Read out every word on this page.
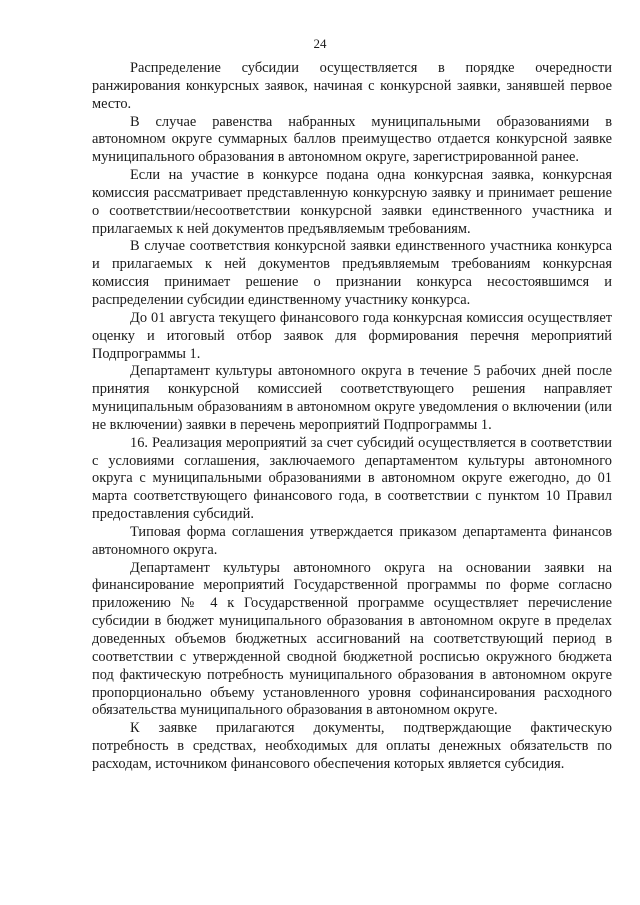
24

Распределение субсидии осуществляется в порядке очередности ранжирования конкурсных заявок, начиная с конкурсной заявки, занявшей первое место.

В случае равенства набранных муниципальными образованиями в автономном округе суммарных баллов преимущество отдается конкурсной заявке муниципального образования в автономном округе, зарегистрированной ранее.

Если на участие в конкурсе подана одна конкурсная заявка, конкурсная комиссия рассматривает представленную конкурсную заявку и принимает решение о соответствии/несоответствии конкурсной заявки единственного участника и прилагаемых к ней документов предъявляемым требованиям.

В случае соответствия конкурсной заявки единственного участника конкурса и прилагаемых к ней документов предъявляемым требованиям конкурсная комиссия принимает решение о признании конкурса несостоявшимся и распределении субсидии единственному участнику конкурса.

До 01 августа текущего финансового года конкурсная комиссия осуществляет оценку и итоговый отбор заявок для формирования перечня мероприятий Подпрограммы 1.

Департамент культуры автономного округа в течение 5 рабочих дней после принятия конкурсной комиссией соответствующего решения направляет муниципальным образованиям в автономном округе уведомления о включении (или не включении) заявки в перечень мероприятий Подпрограммы 1.

16. Реализация мероприятий за счет субсидий осуществляется в соответствии с условиями соглашения, заключаемого департаментом культуры автономного округа с муниципальными образованиями в автономном округе ежегодно, до 01 марта соответствующего финансового года, в соответствии с пунктом 10 Правил предоставления субсидий.

Типовая форма соглашения утверждается приказом департамента финансов автономного округа.

Департамент культуры автономного округа на основании заявки на финансирование мероприятий Государственной программы по форме согласно приложению № 4 к Государственной программе осуществляет перечисление субсидии в бюджет муниципального образования в автономном округе в пределах доведенных объемов бюджетных ассигнований на соответствующий период в соответствии с утвержденной сводной бюджетной росписью окружного бюджета под фактическую потребность муниципального образования в автономном округе пропорционально объему установленного уровня софинансирования расходного обязательства муниципального образования в автономном округе.

К заявке прилагаются документы, подтверждающие фактическую потребность в средствах, необходимых для оплаты денежных обязательств по расходам, источником финансового обеспечения которых является субсидия.
